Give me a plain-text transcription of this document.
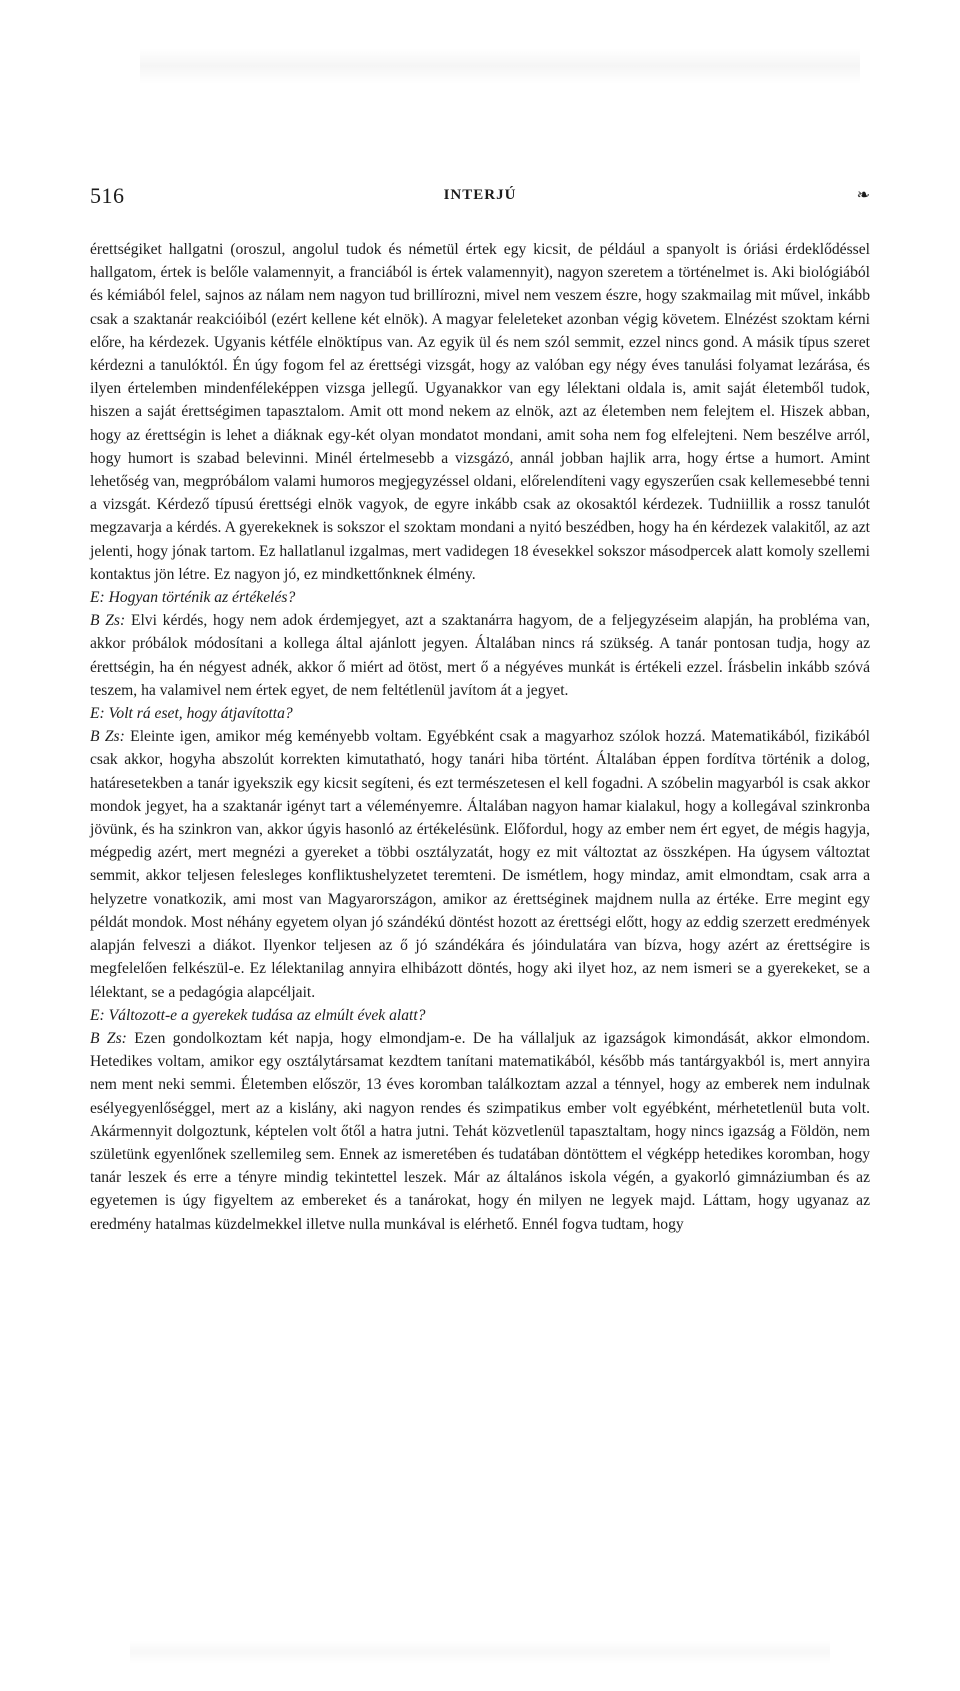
516	INTERJÚ	❧

érettségiket hallgatni (oroszul, angolul tudok és németül értek egy kicsit, de például a spanyolt is óriási érdeklődéssel hallgatom, értek is belőle valamennyit, a franciából is értek valamennyit), nagyon szeretem a történelmet is. Aki biológiából és kémiából felel, sajnos az nálam nem nagyon tud brillírozni, mivel nem veszem észre, hogy szakmailag mit művel, inkább csak a szaktanár reakcióiból (ezért kellene két elnök). A magyar feleleteket azonban végig követem. Elnézést szoktam kérni előre, ha kérdezek. Ugyanis kétféle elnöktípus van. Az egyik ül és nem szól semmit, ezzel nincs gond. A másik típus szeret kérdezni a tanulóktól. Én úgy fogom fel az érettségi vizsgát, hogy az valóban egy négy éves tanulási folyamat lezárása, és ilyen értelemben mindenféleképpen vizsga jellegű. Ugyanakkor van egy lélektani oldala is, amit saját életemből tudok, hiszen a saját érettségimen tapasztalom. Amit ott mond nekem az elnök, azt az életemben nem felejtem el. Hiszek abban, hogy az érettségin is lehet a diáknak egy-két olyan mondatot mondani, amit soha nem fog elfelejteni. Nem beszélve arról, hogy humort is szabad belevinni. Minél értelmesebb a vizsgázó, annál jobban hajlik arra, hogy értse a humort. Amint lehetőség van, megpróbálom valami humoros megjegyzéssel oldani, előrelendíteni vagy egyszerűen csak kellemesebbé tenni a vizsgát. Kérdező típusú érettségi elnök vagyok, de egyre inkább csak az okosaktól kérdezek. Tudniillik a rossz tanulót megzavarja a kérdés. A gyerekeknek is sokszor el szoktam mondani a nyitó beszédben, hogy ha én kérdezek valakitől, az azt jelenti, hogy jónak tartom. Ez hallatlanul izgalmas, mert vadidegen 18 évesekkel sokszor másodpercek alatt komoly szellemi kontaktus jön létre. Ez nagyon jó, ez mindkettőnknek élmény.

E: Hogyan történik az értékelés?

B Zs: Elvi kérdés, hogy nem adok érdemjegyet, azt a szaktanárra hagyom, de a feljegyzéseim alapján, ha probléma van, akkor próbálok módosítani a kollega által ajánlott jegyen. Általában nincs rá szükség. A tanár pontosan tudja, hogy az érettségin, ha én négyest adnék, akkor ő miért ad ötöst, mert ő a négyéves munkát is értékeli ezzel. Írásbelin inkább szóvá teszem, ha valamivel nem értek egyet, de nem feltétlenül javítom át a jegyet.

E: Volt rá eset, hogy átjavította?

B Zs: Eleinte igen, amikor még keményebb voltam. Egyébként csak a magyarhoz szólok hozzá. Matematikából, fizikából csak akkor, hogyha abszolút korrekten kimutatható, hogy tanári hiba történt. Általában éppen fordítva történik a dolog, határesetekben a tanár igyekszik egy kicsit segíteni, és ezt természetesen el kell fogadni. A szóbelin magyarból is csak akkor mondok jegyet, ha a szaktanár igényt tart a véleményemre. Általában nagyon hamar kialakul, hogy a kollegával szinkronba jövünk, és ha szinkron van, akkor úgyis hasonló az értékelésünk. Előfordul, hogy az ember nem ért egyet, de mégis hagyja, mégpedig azért, mert megnézi a gyereket a többi osztályzatát, hogy ez mit változtat az összképen. Ha úgysem változtat semmit, akkor teljesen felesleges konfliktushelyzetet teremteni. De ismétlem, hogy mindaz, amit elmondtam, csak arra a helyzetre vonatkozik, ami most van Magyarországon, amikor az érettséginek majdnem nulla az értéke. Erre megint egy példát mondok. Most néhány egyetem olyan jó szándékú döntést hozott az érettségi előtt, hogy az eddig szerzett eredmények alapján felveszi a diákot. Ilyenkor teljesen az ő jó szándékára és jóindulatára van bízva, hogy azért az érettségire is megfelelően felkészül-e. Ez lélektanilag annyira elhibázott döntés, hogy aki ilyet hoz, az nem ismeri se a gyerekeket, se a lélektant, se a pedagógia alapcéljait.

E: Változott-e a gyerekek tudása az elmúlt évek alatt?

B Zs: Ezen gondolkoztam két napja, hogy elmondjam-e. De ha vállaljuk az igazságok kimondását, akkor elmondom. Hetedikes voltam, amikor egy osztálytársamat kezdtem tanítani matematikából, később más tantárgyakból is, mert annyira nem ment neki semmi. Életemben először, 13 éves koromban találkoztam azzal a ténnyel, hogy az emberek nem indulnak esélyegyenlőséggel, mert az a kislány, aki nagyon rendes és szimpatikus ember volt egyébként, mérhetetlenül buta volt. Akármennyit dolgoztunk, képtelen volt őtől a hatra jutni. Tehát közvetlenül tapasztaltam, hogy nincs igazság a Földön, nem születünk egyenlőnek szellemileg sem. Ennek az ismeretében és tudatában döntöttem el végképp hetedikes koromban, hogy tanár leszek és erre a tényre mindig tekintettel leszek. Már az általános iskola végén, a gyakorló gimnáziumban és az egyetemen is úgy figyeltem az embereket és a tanárokat, hogy én milyen ne legyek majd. Láttam, hogy ugyanaz az eredmény hatalmas küzdelmekkel illetve nulla munkával is elérhető. Ennél fogva tudtam, hogy
